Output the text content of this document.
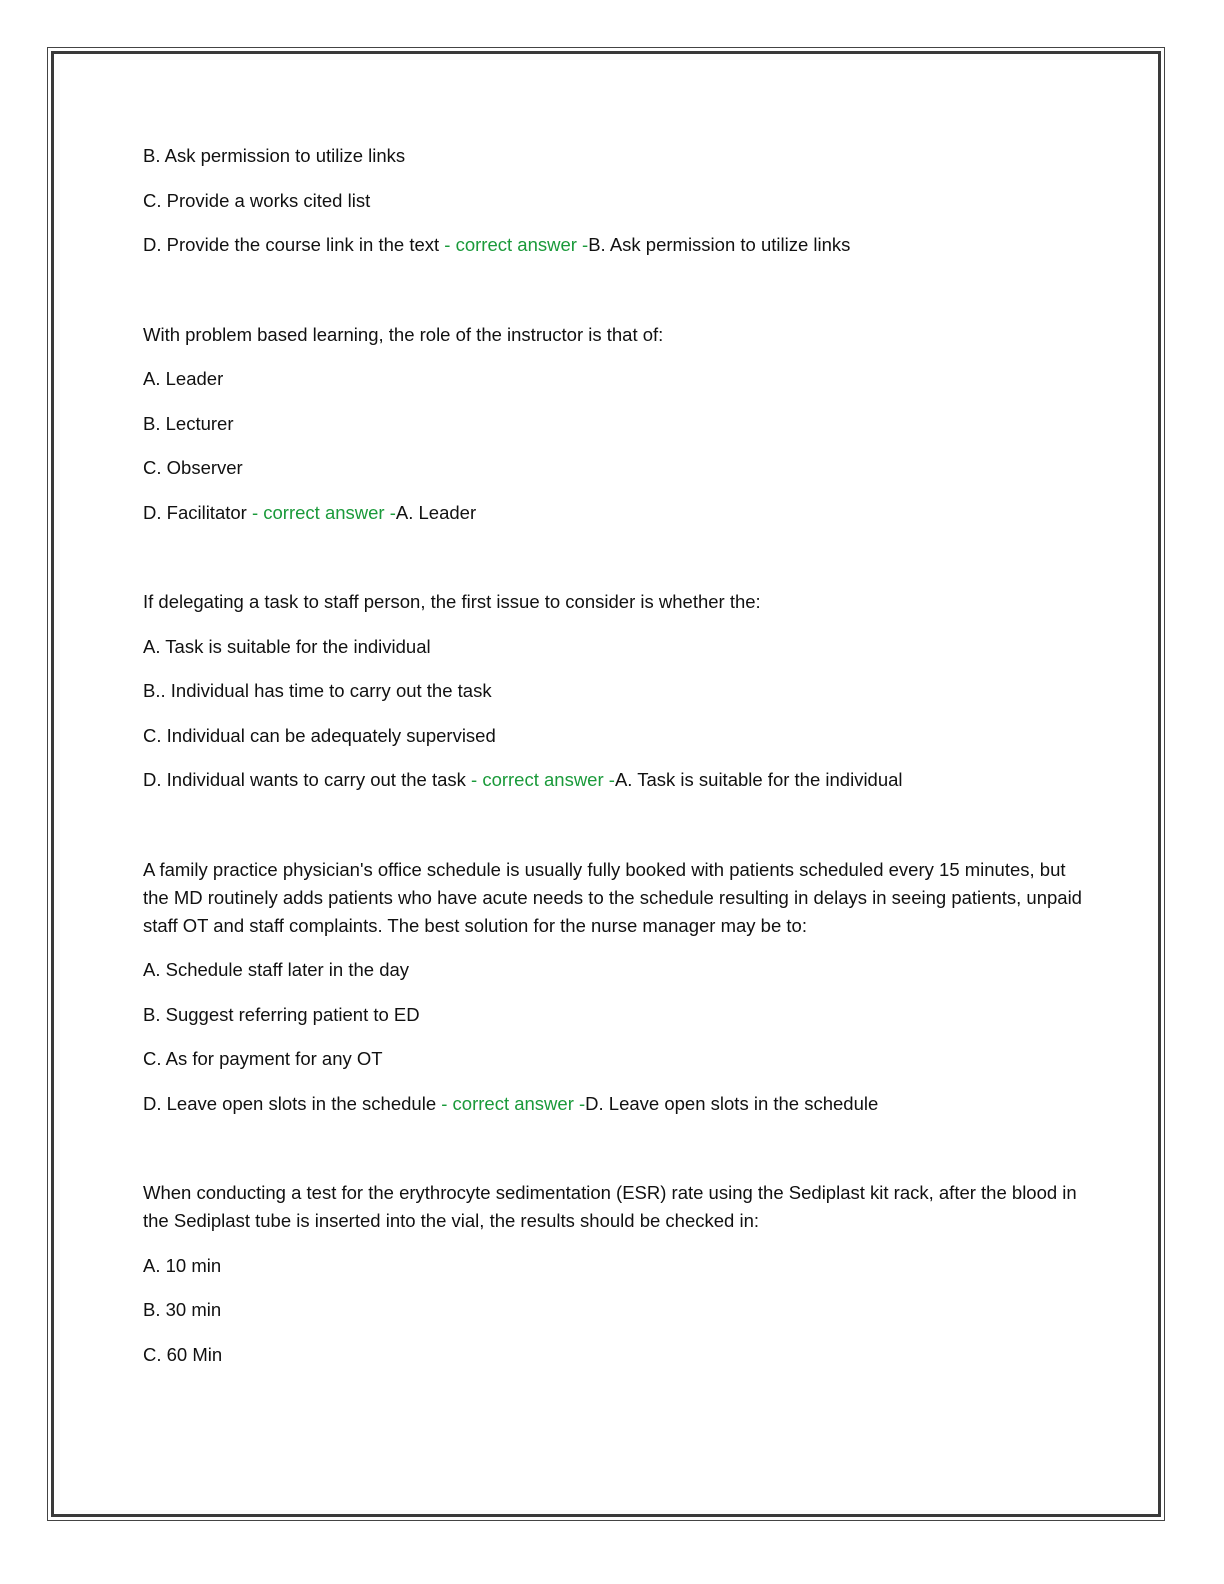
B. Ask permission to utilize links

C. Provide a works cited list

D. Provide the course link in the text - correct answer -B. Ask permission to utilize links

With problem based learning, the role of the instructor is that of:

A. Leader

B. Lecturer

C. Observer

D. Facilitator - correct answer -A. Leader

If delegating a task to staff person, the first issue to consider is whether the:

A. Task is suitable for the individual

B.. Individual has time to carry out the task

C. Individual can be adequately supervised

D. Individual wants to carry out the task - correct answer -A. Task is suitable for the individual

A family practice physician's office schedule is usually fully booked with patients scheduled every 15 minutes, but the MD routinely adds patients who have acute needs to the schedule resulting in delays in seeing patients, unpaid staff OT and staff complaints. The best solution for the nurse manager may be to:

A. Schedule staff later in the day

B. Suggest referring patient to ED

C. As for payment for any OT

D. Leave open slots in the schedule - correct answer -D. Leave open slots in the schedule

When conducting a test for the erythrocyte sedimentation (ESR) rate using the Sediplast kit rack, after the blood in the Sediplast tube is inserted into the vial, the results should be checked in:

A. 10 min

B. 30 min

C. 60 Min
